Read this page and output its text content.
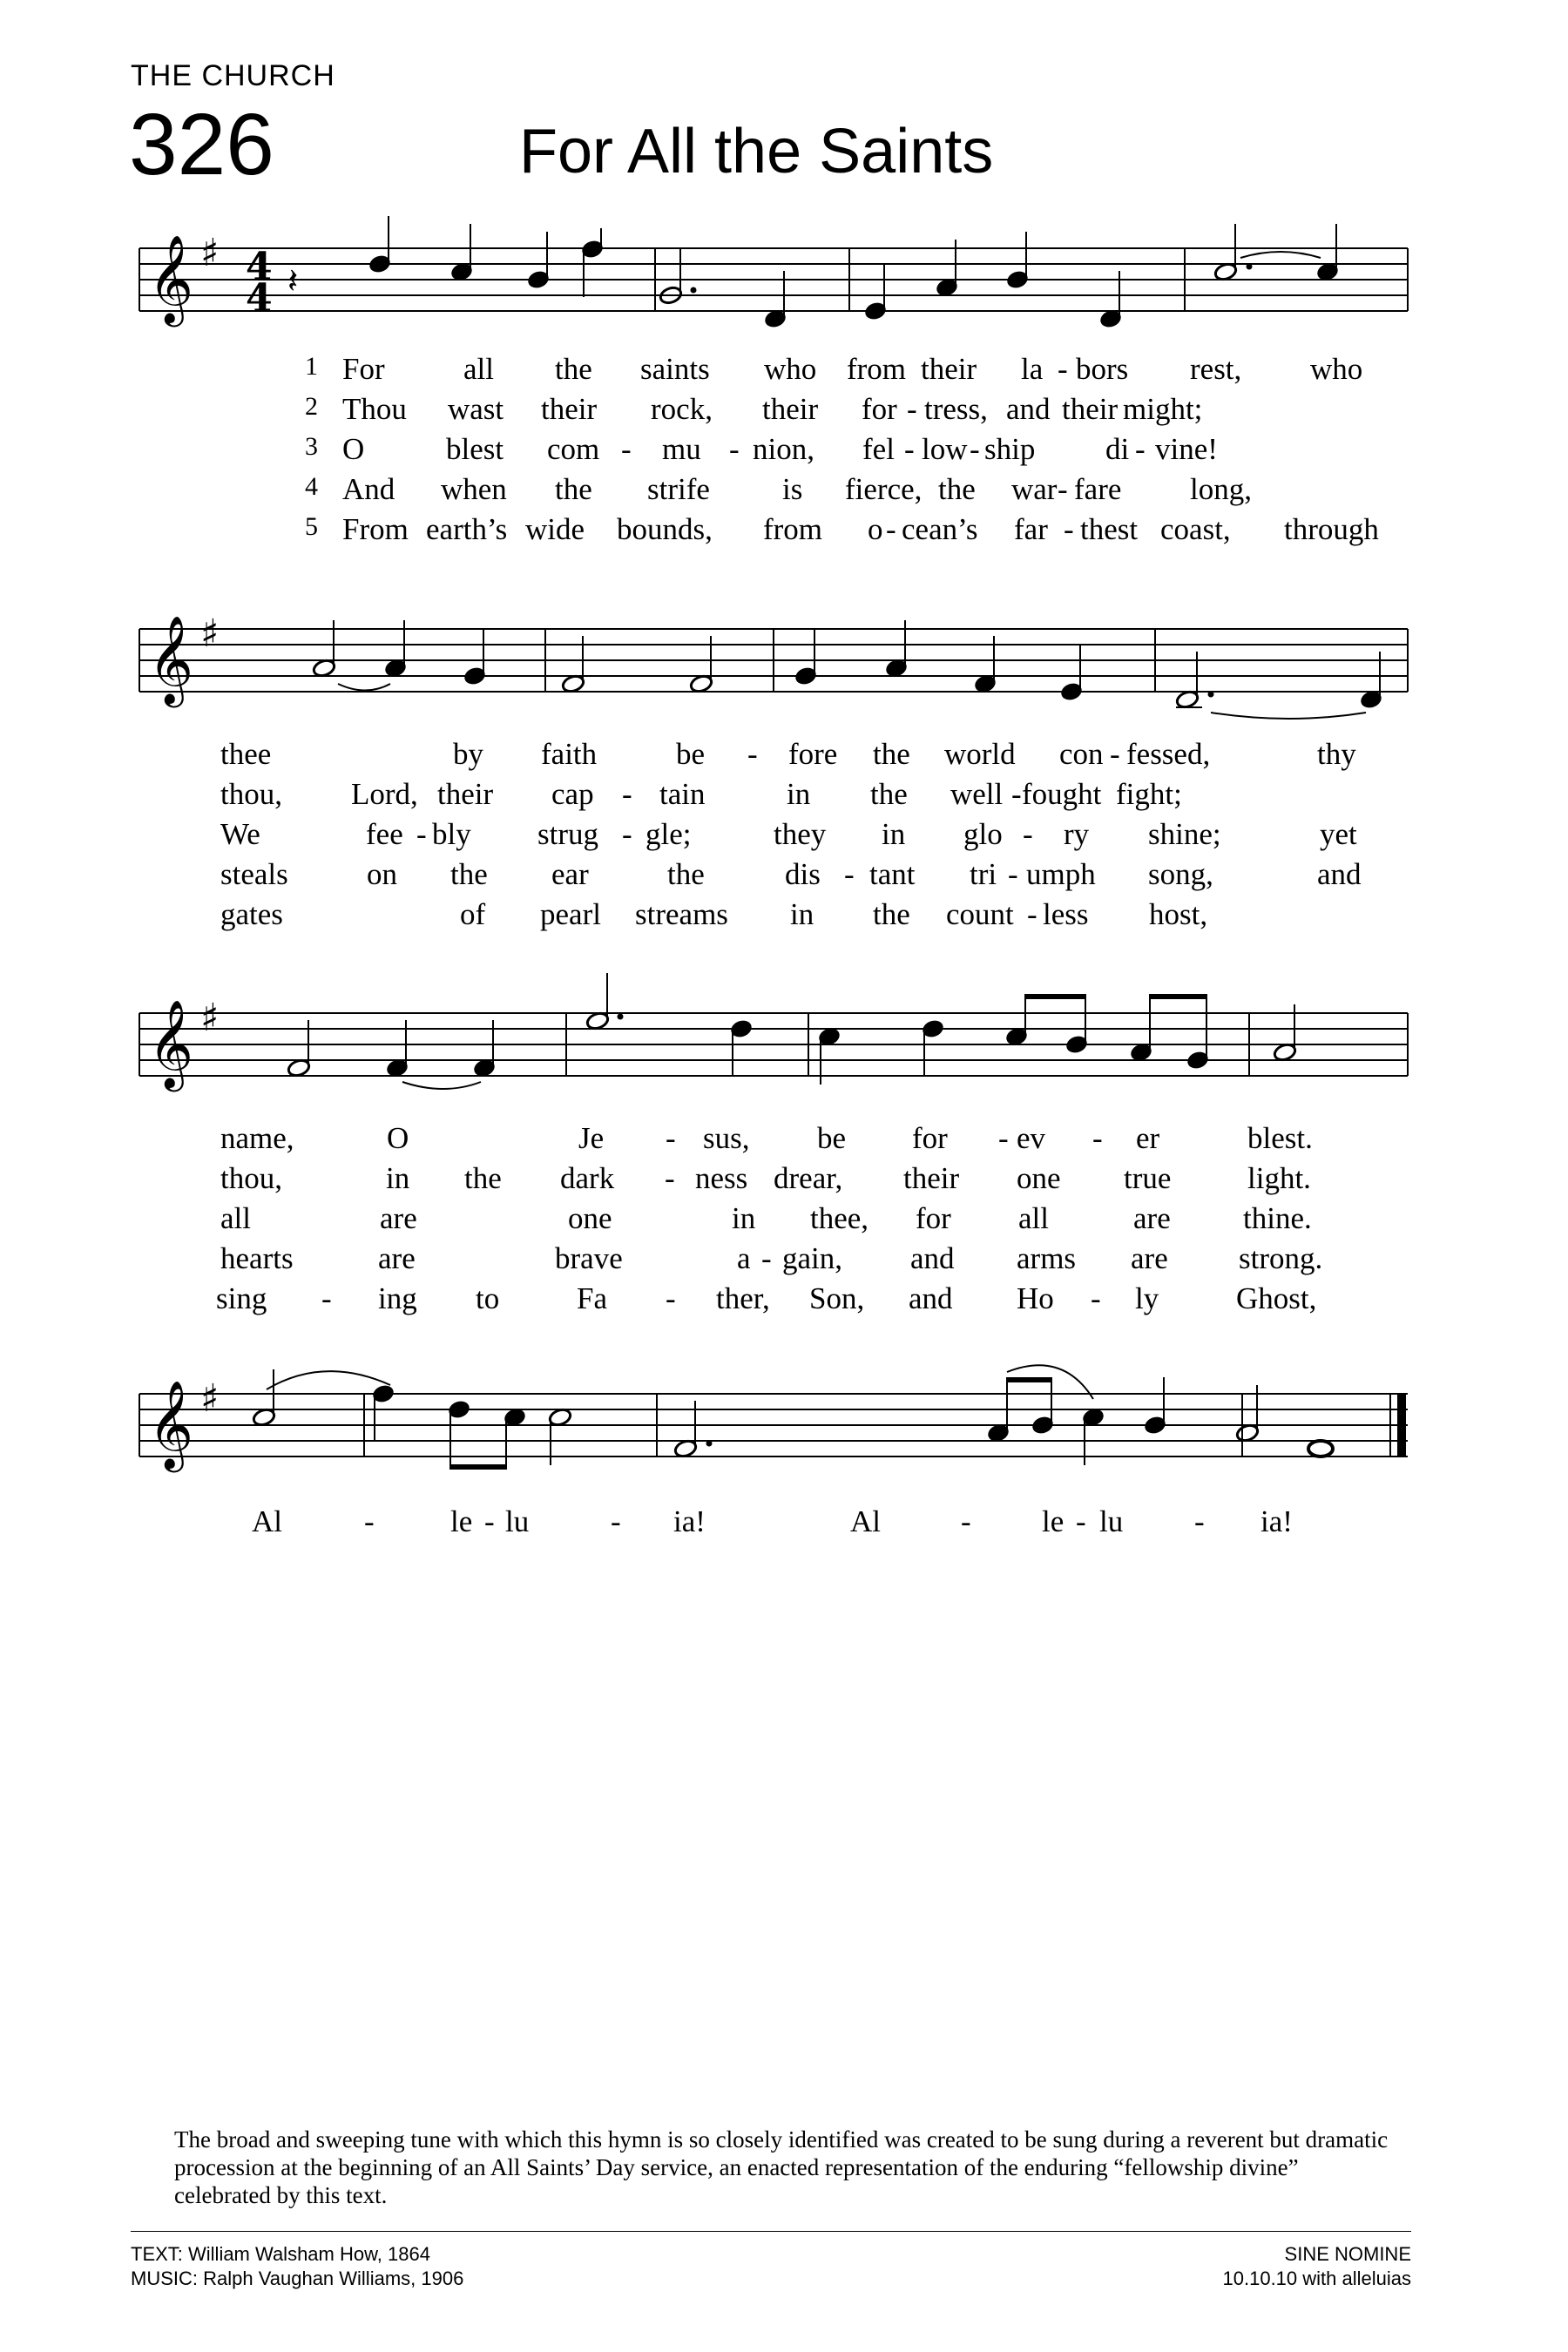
THE CHURCH
326	For All the Saints
𝄞 ♯ 4
4 𝄽
𝄞 ♯
𝄞 ♯
𝄞 ♯
1 For	all the saints who from their la - bors rest, who
2 Thou wast their rock, their for - tress, and their might;
3 O	blest com - mu - nion, fel - low - ship di - vine!
4 And when the strife is fierce, the war - fare long,
5 From earth’s wide bounds, from o - cean’s far - thest coast, through
thee	by faith	be - fore the world con - fessed,	thy
thou, Lord, their cap - tain	in the well - fought fight;
We	fee - bly strug - gle;	they in glo - ry shine;	yet
steals	on the ear	the	dis - tant tri - umph song,	and
gates	of pearl streams in the count - less host,
name,	O	Je - sus, be for - ev - er	blest.
thou,	in the dark - ness drear, their one true	light.
all	are	one	in thee, for all	are thine.
hearts	are	brave	a - gain, and arms are strong.
sing - ing to	Fa - ther, Son, and Ho - ly	Ghost,
Al	- le - lu	- ia!	Al	- le - lu - ia!
The broad and sweeping tune with which this hymn is so closely identified was created to be sung during a reverent but dramatic procession at the beginning of an All Saints’ Day service, an enacted representation of the enduring “fellowship divine” celebrated by this text.
TEXT: William Walsham How, 1864
MUSIC: Ralph Vaughan Williams, 1906
SINE NOMINE
10.10.10 with alleluias
